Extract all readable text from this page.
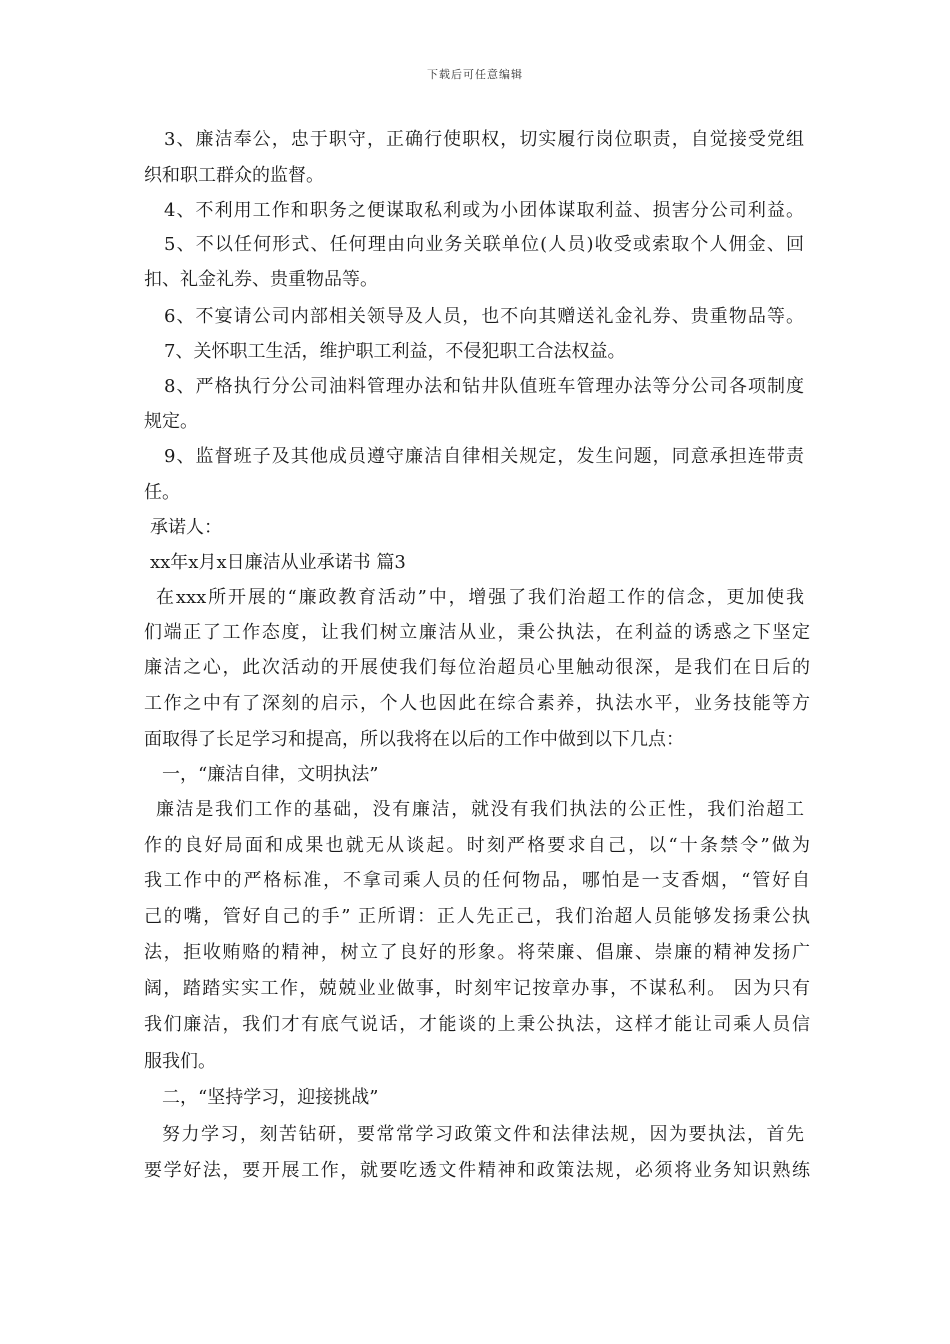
下载后可任意编辑
3、廉洁奉公，忠于职守，正确行使职权，切实履行岗位职责，自觉接受党组
织和职工群众的监督。
4、不利用工作和职务之便谋取私利或为小团体谋取利益、损害分公司利益。
5、不以任何形式、任何理由向业务关联单位(人员)收受或索取个人佣金、回
扣、礼金礼券、贵重物品等。
6、不宴请公司内部相关领导及人员，也不向其赠送礼金礼券、贵重物品等。
7、关怀职工生活，维护职工利益，不侵犯职工合法权益。
8、严格执行分公司油料管理办法和钻井队值班车管理办法等分公司各项制度
规定。
9、监督班子及其他成员遵守廉洁自律相关规定，发生问题，同意承担连带责
任。
承诺人：
xx年x月x日廉洁从业承诺书 篇3
在xxx所开展的“廉政教育活动”中，增强了我们治超工作的信念，更加使我
们端正了工作态度，让我们树立廉洁从业，秉公执法，在利益的诱惑之下坚定
廉洁之心，此次活动的开展使我们每位治超员心里触动很深，是我们在日后的
工作之中有了深刻的启示，个人也因此在综合素养，执法水平，业务技能等方
面取得了长足学习和提高，所以我将在以后的工作中做到以下几点：
一，“廉洁自律，文明执法”
廉洁是我们工作的基础，没有廉洁，就没有我们执法的公正性，我们治超工
作的良好局面和成果也就无从谈起。时刻严格要求自己，以“十条禁令”做为
我工作中的严格标准，不拿司乘人员的任何物品，哪怕是一支香烟，“管好自
己的嘴，管好自己的手” 正所谓：正人先正己，我们治超人员能够发扬秉公执
法，拒收贿赂的精神，树立了良好的形象。将荣廉、倡廉、崇廉的精神发扬广
阔，踏踏实实工作，兢兢业业做事，时刻牢记按章办事，不谋私利。 因为只有
我们廉洁，我们才有底气说话，才能谈的上秉公执法，这样才能让司乘人员信
服我们。
二，“坚持学习，迎接挑战”
努力学习，刻苦钻研，要常常学习政策文件和法律法规，因为要执法，首先
要学好法，要开展工作，就要吃透文件精神和政策法规，必须将业务知识熟练
